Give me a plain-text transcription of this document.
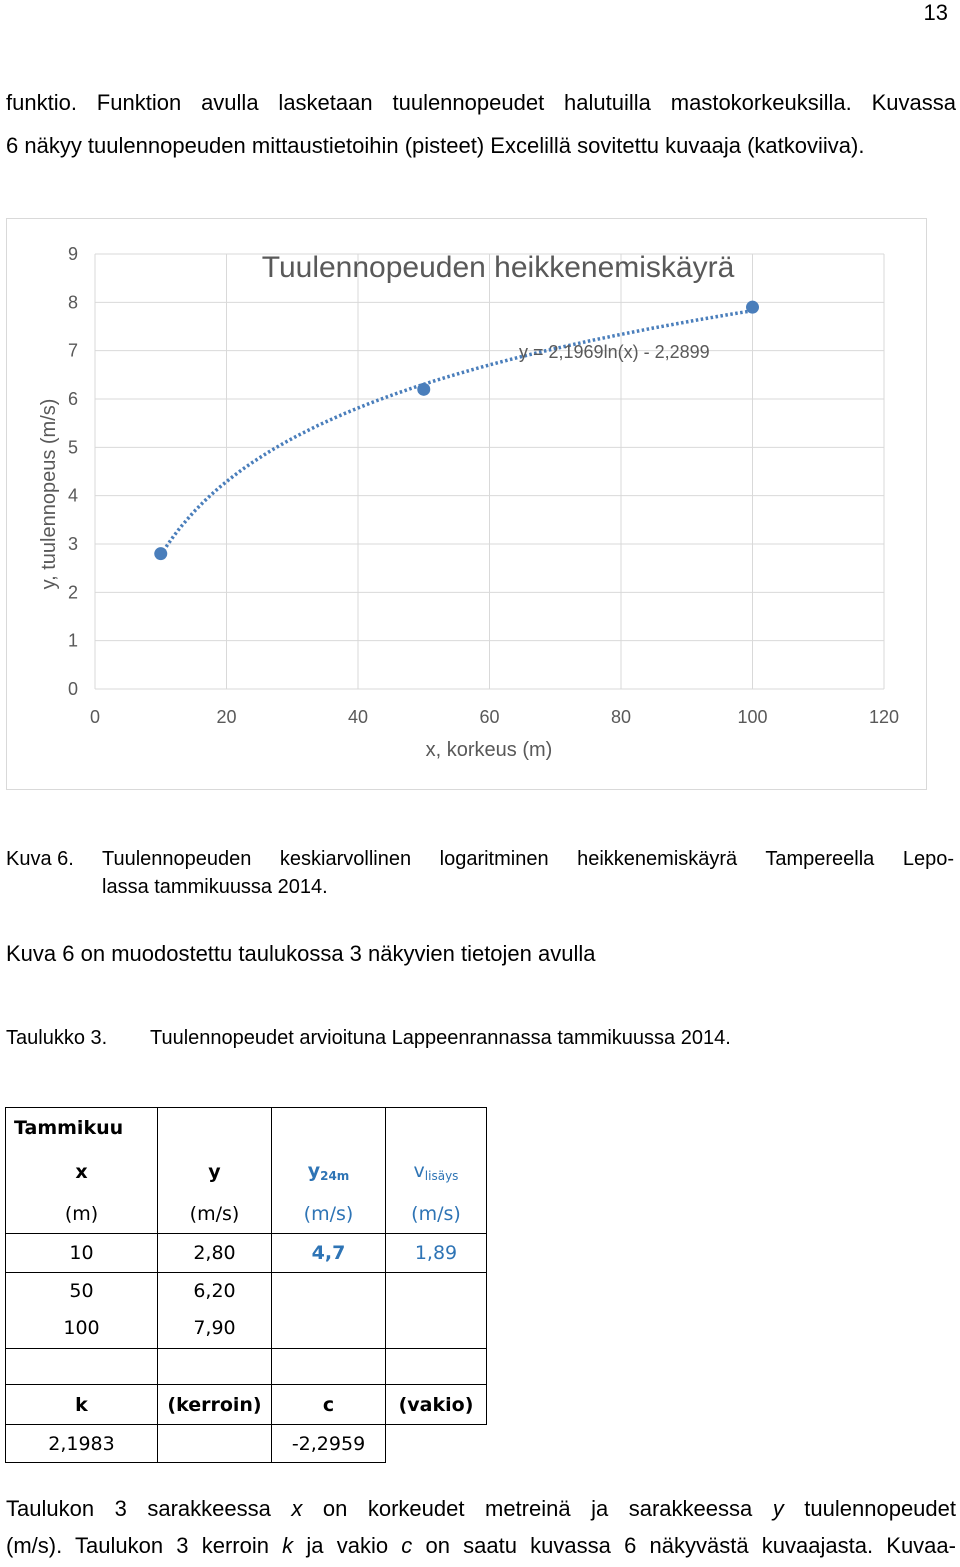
13
funktio. Funktion avulla lasketaan tuulennopeudet halutuilla mastokorkeuksilla. Kuvassa
6 näkyy tuulennopeuden mittaustietoihin (pisteet) Excelillä sovitettu kuvaaja (katkoviiva).
0
1
2
3
4
5
6
7
8
9
0	20	40	60	80	100	120
Tuulennopeuden heikkenemiskäyrä
y = 2,1969ln(x) - 2,2899
x, korkeus (m)
y, tuulennopeus (m/s)
Kuva 6. Tuulennopeuden keskiarvollinen logaritminen heikkenemiskäyrä Tampereella Lepo-
lassa tammikuussa 2014.
Kuva 6 on muodostettu taulukossa 3 näkyvien tietojen avulla
Taulukko 3. Tuulennopeudet arvioituna Lappeenrannassa tammikuussa 2014.
Tammikuu			
x	y	$y_{24m}$	$v_{lisäys}$
(m)	(m/s)	(m/s)	(m/s)
10	2,80	4,7	1,89
50	6,20		
100	7,90		

k	(kerroin)	c	(vakio)
2,1983		-2,2959	
Taulukon 3 sarakkeessa x on korkeudet metreinä ja sarakkeessa y tuulennopeudet
(m/s). Taulukon 3 kerroin k ja vakio c on saatu kuvassa 6 näkyvästä kuvaajasta. Kuvaa-
